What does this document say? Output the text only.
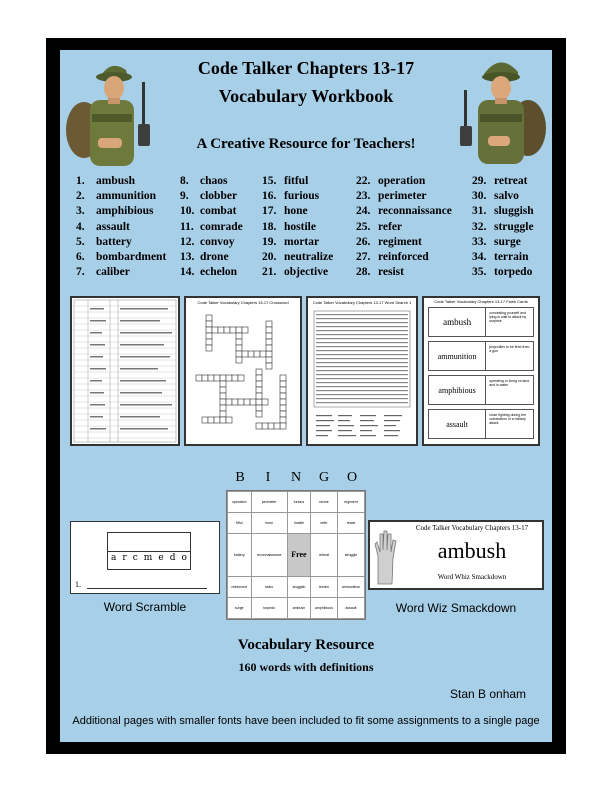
Code Talker Chapters 13-17
Vocabulary Workbook
A Creative Resource for Teachers!
1. ambush
2. ammunition
3. amphibious
4. assault
5. battery
6. bombardment
7. caliber
8. chaos
9. clobber
10. combat
11. comrade
12. convoy
13. drone
14. echelon
15. fitful
16. furious
17. hone
18. hostile
19. mortar
20. neutralize
21. objective
22. operation
23. perimeter
24. reconnaissance
25. refer
26. regiment
27. reinforced
28. resist
29. retreat
30. salvo
31. sluggish
32. struggle
33. surge
34. terrain
35. torpedo
Code Talker Vocabulary Chapters 13-17 Crossword	Code Talker Vocabulary Chapters 13-17 Word Search 1	Code Talker Vocabulary Chapters 13-17 Flash Cards
ambush
concealing yourself and lying in wait to attack by surprise
ammunition
projectiles to be fired from a gun
amphibious
operating or living on land and in water
assault
close fighting during the culmination of a military attack
B	I	N	G	O
operation	perimeter	furious	ravine	regiment
fitful	hone	hostile	refer	resist
battery	reconnaissance	Free	retreat	struggle
reinforced	salvo	sluggish	terrain	ammunition
surge	torpedo	ambush	amphibious	assault
a r c m e d o
1.
Word Scramble
Code Talker Vocabulary Chapters 13-17
ambush
Word Whiz Smackdown
Word Wiz Smackdown
Vocabulary Resource
160 words with definitions
Stan B onham
Additional pages with smaller fonts have been included to fit some assignments to a single page
